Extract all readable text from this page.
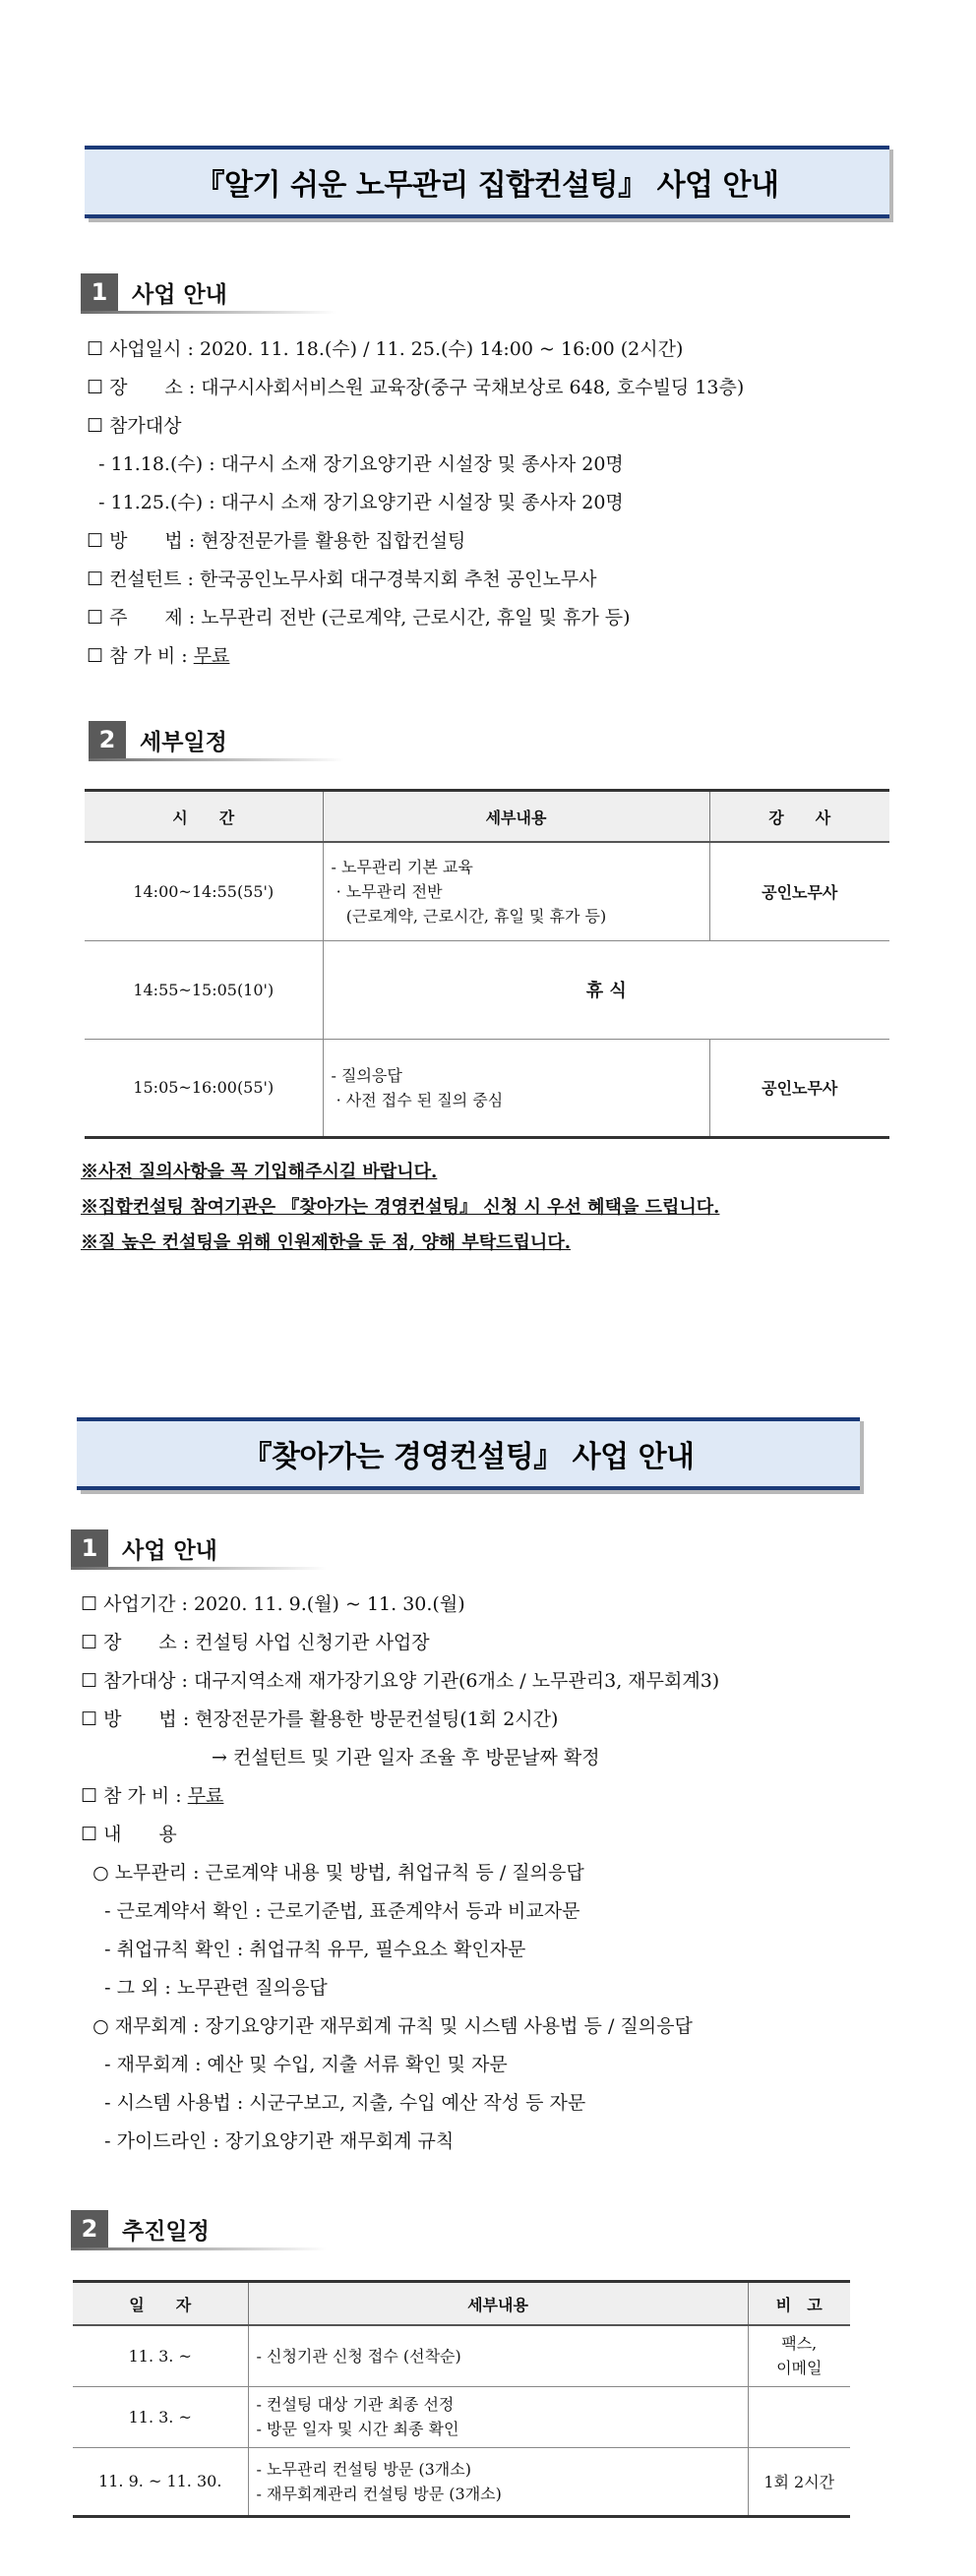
『알기 쉬운 노무관리 집합컨설팅』 사업 안내
1	사업 안내
☐ 사업일시 : 2020. 11. 18.(수) / 11. 25.(수) 14:00 ~ 16:00 (2시간)
☐ 장　　소 : 대구시사회서비스원 교육장(중구 국채보상로 648, 호수빌딩 13층)
☐ 참가대상
- 11.18.(수) : 대구시 소재 장기요양기관 시설장 및 종사자 20명
- 11.25.(수) : 대구시 소재 장기요양기관 시설장 및 종사자 20명
☐ 방　　법 : 현장전문가를 활용한 집합컨설팅
☐ 컨설턴트 : 한국공인노무사회 대구경북지회 추천 공인노무사
☐ 주　　제 : 노무관리 전반 (근로계약, 근로시간, 휴일 및 휴가 등)
☐ 참 가 비 : 무료
2	세부일정
시　　간	세부내용	강　　사
14:00~14:55(55')	- 노무관리 기본 교육
· 노무관리 전반
(근로계약, 근로시간, 휴일 및 휴가 등)	공인노무사
14:55~15:05(10')	휴 식	
15:05~16:00(55')	- 질의응답
· 사전 접수 된 질의 중심	공인노무사
※사전 질의사항을 꼭 기입해주시길 바랍니다.
※집합컨설팅 참여기관은 『찾아가는 경영컨설팅』 신청 시 우선 혜택을 드립니다.
※질 높은 컨설팅을 위해 인원제한을 둔 점, 양해 부탁드립니다.
『찾아가는 경영컨설팅』 사업 안내
1	사업 안내
☐ 사업기간 : 2020. 11. 9.(월) ~ 11. 30.(월)
☐ 장　　소 : 컨설팅 사업 신청기관 사업장
☐ 참가대상 : 대구지역소재 재가장기요양 기관(6개소 / 노무관리3, 재무회계3)
☐ 방　　법 : 현장전문가를 활용한 방문컨설팅(1회 2시간)
　　　　　　　→ 컨설턴트 및 기관 일자 조율 후 방문날짜 확정
☐ 참 가 비 : 무료
☐ 내　　용
○ 노무관리 : 근로계약 내용 및 방법, 취업규칙 등 / 질의응답
- 근로계약서 확인 : 근로기준법, 표준계약서 등과 비교자문
- 취업규칙 확인 : 취업규칙 유무, 필수요소 확인자문
- 그 외 : 노무관련 질의응답
○ 재무회계 : 장기요양기관 재무회계 규칙 및 시스템 사용법 등 / 질의응답
- 재무회계 : 예산 및 수입, 지출 서류 확인 및 자문
- 시스템 사용법 : 시군구보고, 지출, 수입 예산 작성 등 자문
- 가이드라인 : 장기요양기관 재무회계 규칙
2	추진일정
일　　자	세부내용	비　고
11. 3. ~	- 신청기관 신청 접수 (선착순)	팩스,
이메일

11. 3. ~	- 컨설팅 대상 기관 최종 선정
- 방문 일자 및 시간 최종 확인	

11. 9. ~ 11. 30.	- 노무관리 컨설팅 방문 (3개소)
- 재무회계관리 컨설팅 방문 (3개소)	1회 2시간
